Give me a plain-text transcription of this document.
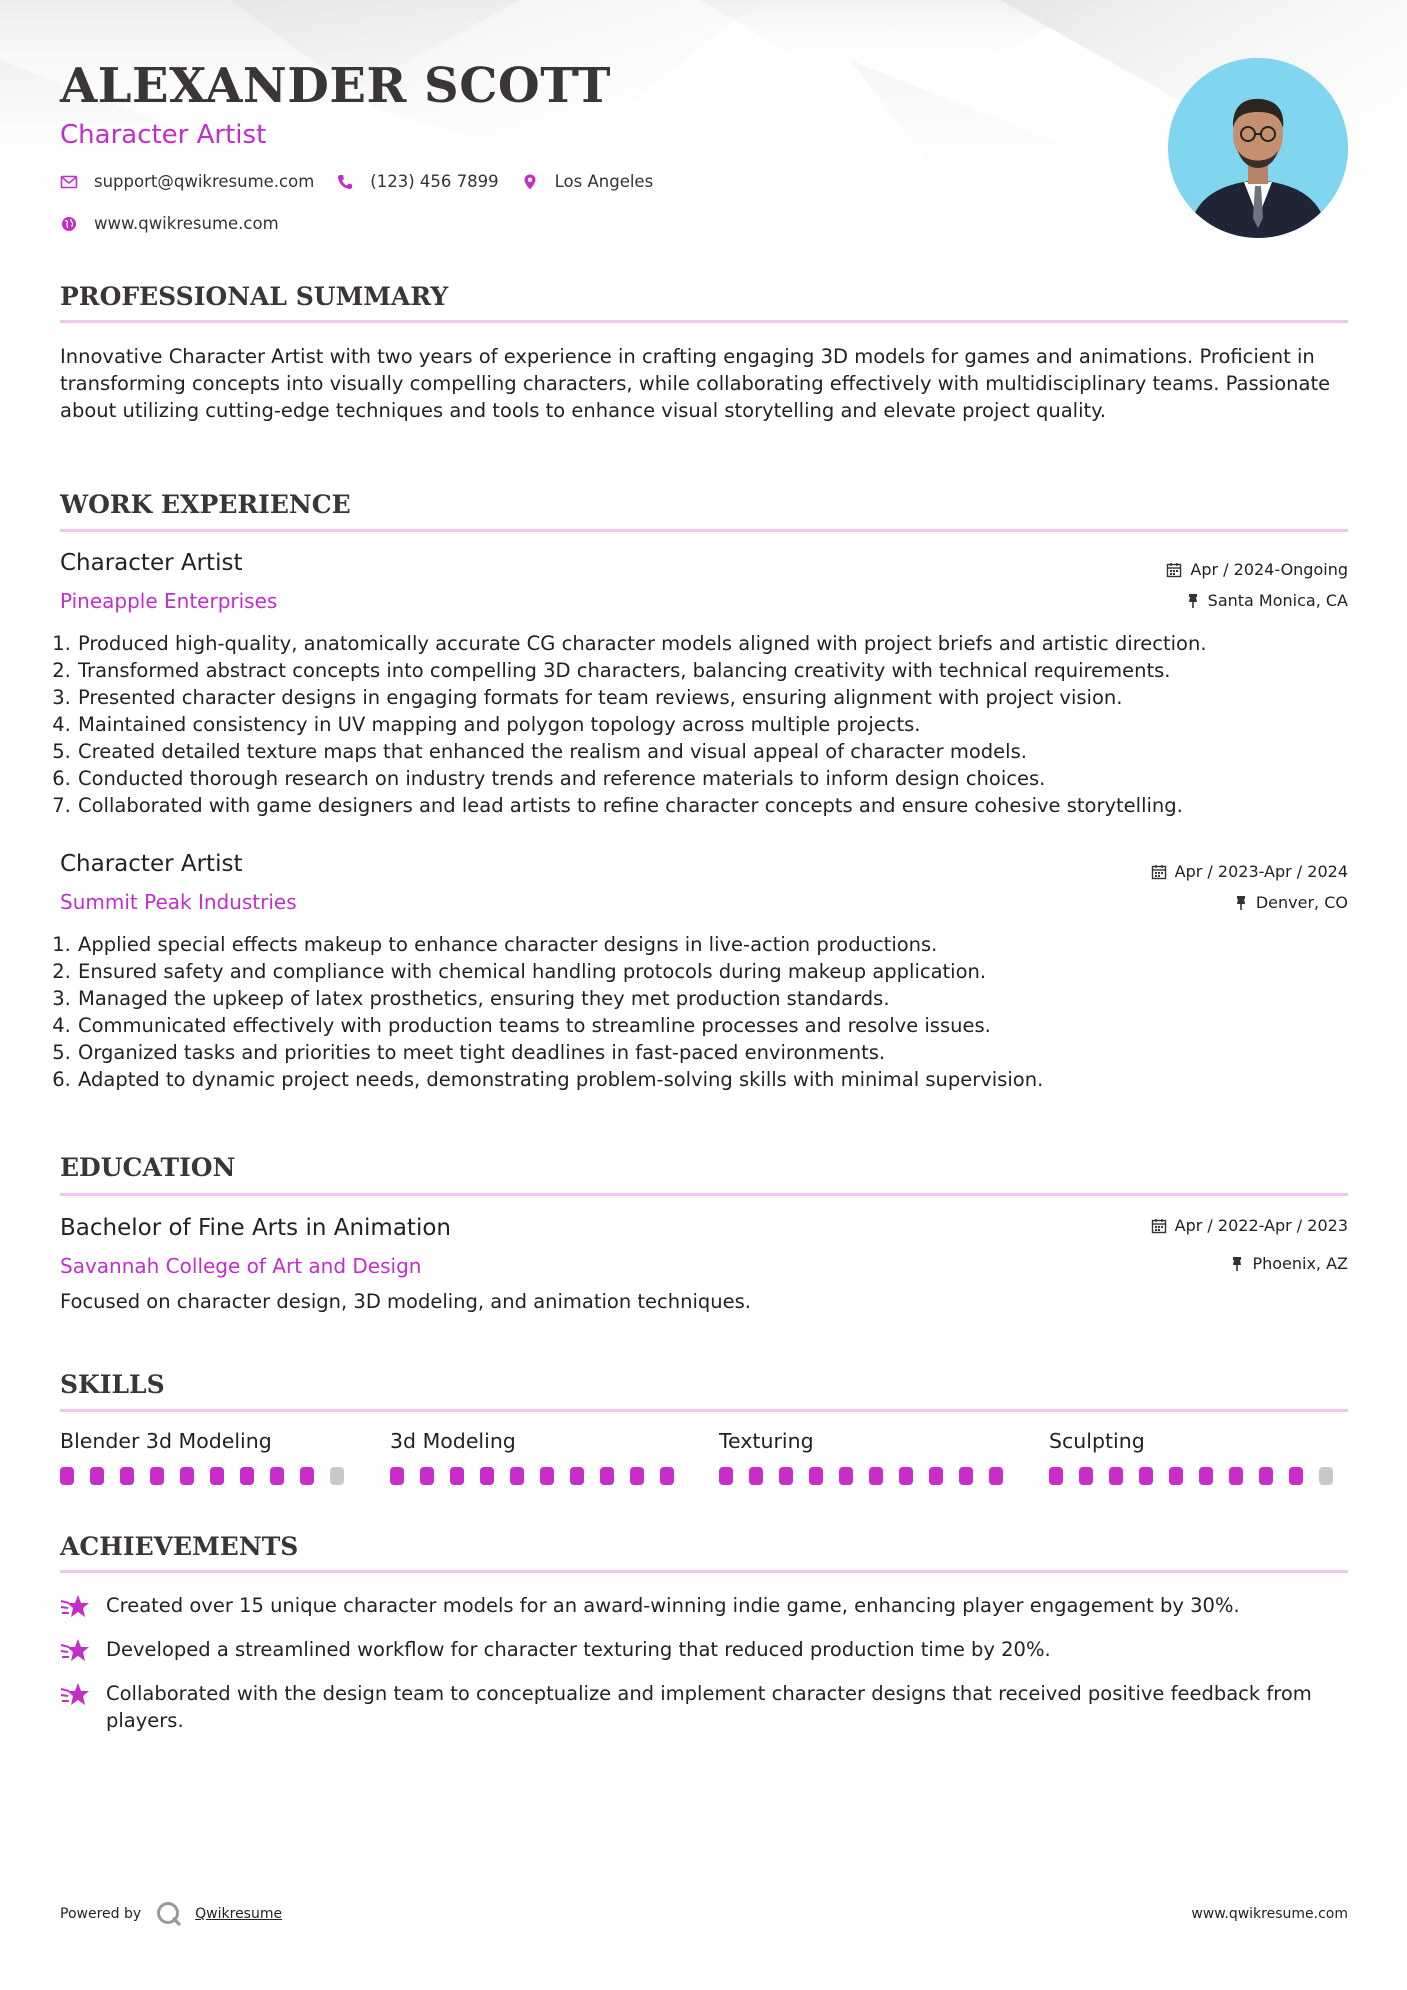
ALEXANDER SCOTT
Character Artist
support@qwikresume.com	(123) 456 7899	Los Angeles
www.qwikresume.com
PROFESSIONAL SUMMARY
Innovative Character Artist with two years of experience in crafting engaging 3D models for games and animations. Proficient in transforming concepts into visually compelling characters, while collaborating effectively with multidisciplinary teams. Passionate about utilizing cutting-edge techniques and tools to enhance visual storytelling and elevate project quality.
WORK EXPERIENCE
Character Artist
Pineapple Enterprises
Apr / 2024-Ongoing
Santa Monica, CA
1. Produced high-quality, anatomically accurate CG character models aligned with project briefs and artistic direction.
2. Transformed abstract concepts into compelling 3D characters, balancing creativity with technical requirements.
3. Presented character designs in engaging formats for team reviews, ensuring alignment with project vision.
4. Maintained consistency in UV mapping and polygon topology across multiple projects.
5. Created detailed texture maps that enhanced the realism and visual appeal of character models.
6. Conducted thorough research on industry trends and reference materials to inform design choices.
7. Collaborated with game designers and lead artists to refine character concepts and ensure cohesive storytelling.
Character Artist
Summit Peak Industries
Apr / 2023-Apr / 2024
Denver, CO
1. Applied special effects makeup to enhance character designs in live-action productions.
2. Ensured safety and compliance with chemical handling protocols during makeup application.
3. Managed the upkeep of latex prosthetics, ensuring they met production standards.
4. Communicated effectively with production teams to streamline processes and resolve issues.
5. Organized tasks and priorities to meet tight deadlines in fast-paced environments.
6. Adapted to dynamic project needs, demonstrating problem-solving skills with minimal supervision.
EDUCATION
Bachelor of Fine Arts in Animation
Savannah College of Art and Design
Apr / 2022-Apr / 2023
Phoenix, AZ
Focused on character design, 3D modeling, and animation techniques.
SKILLS
Blender 3d Modeling	3d Modeling	Texturing	Sculpting
ACHIEVEMENTS
Created over 15 unique character models for an award-winning indie game, enhancing player engagement by 30%.
Developed a streamlined workflow for character texturing that reduced production time by 20%.
Collaborated with the design team to conceptualize and implement character designs that received positive feedback from players.
Powered by	Qwikresume	www.qwikresume.com
